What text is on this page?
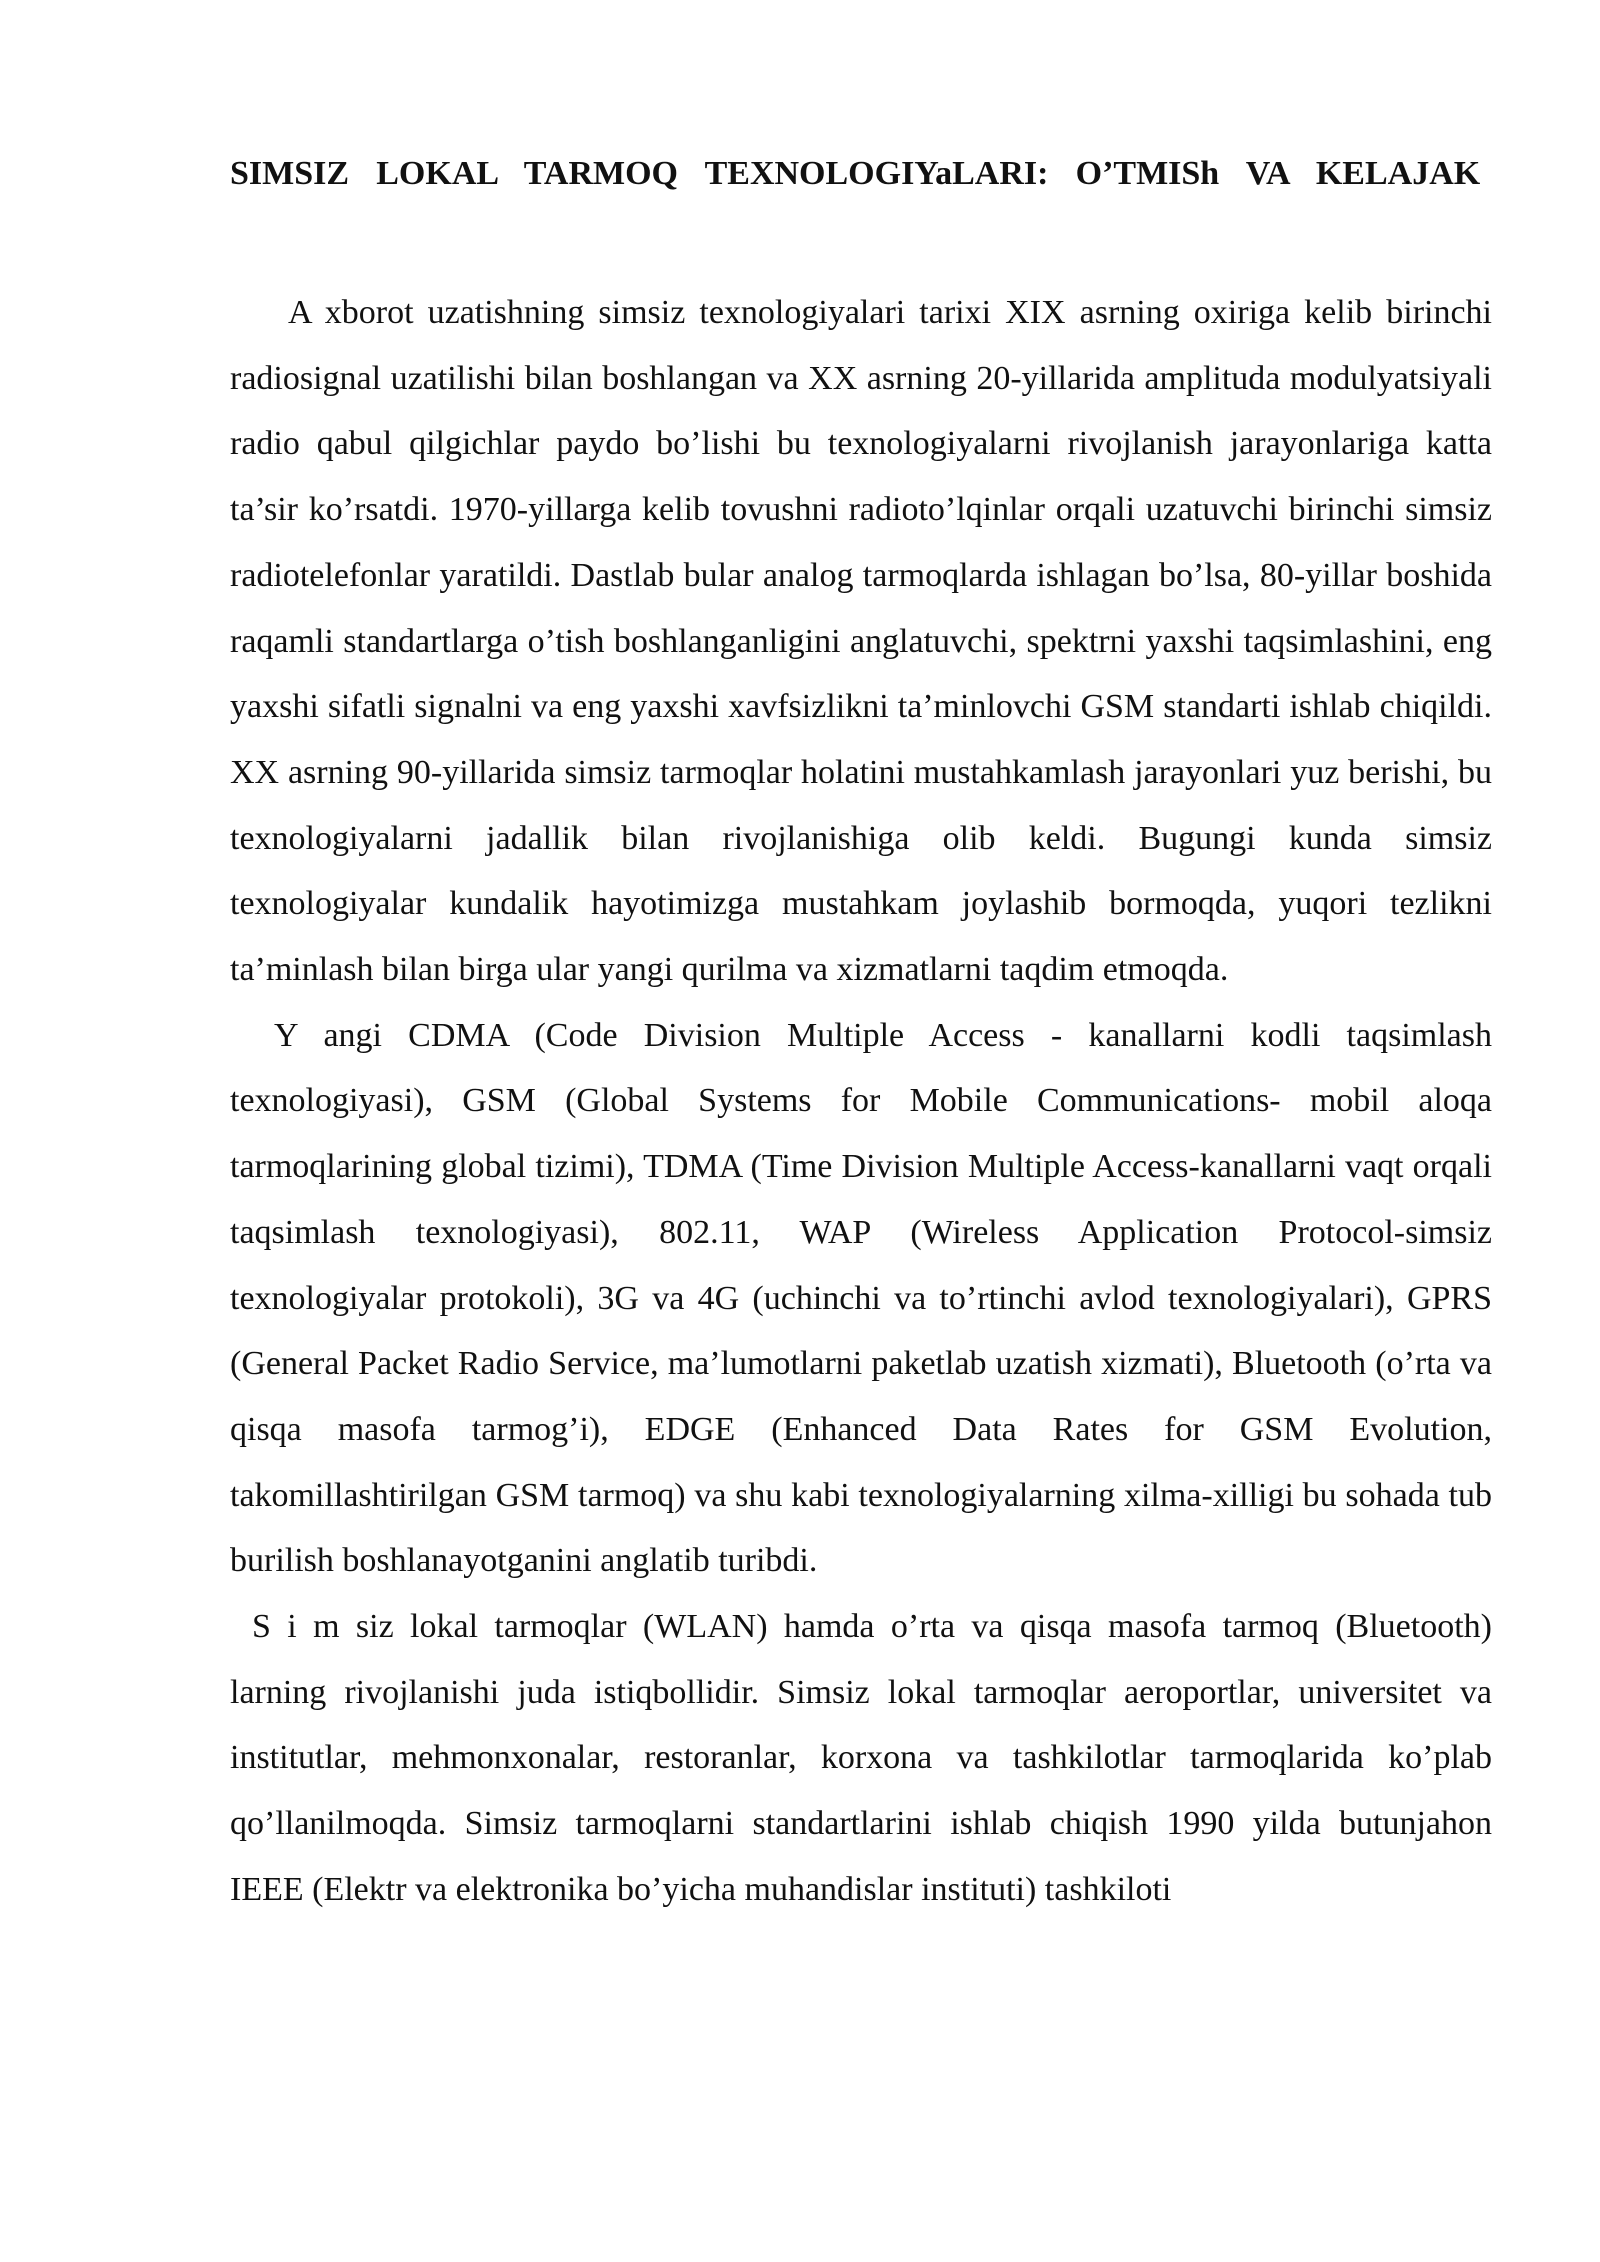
SIMSIZ LOKAL TARMOQ TEXNOLOGIYaLARI: O’TMISh VA KELAJAK

A xborot uzatishning simsiz texnologiyalari tarixi XIX asrning oxiriga kelib birinchi radiosignal uzatilishi bilan boshlangan va XX asrning 20-yillarida amplituda modulyatsiyali radio qabul qilgichlar paydo bo’lishi bu texnologiyalarni rivojlanish jarayonlariga katta ta’sir ko’rsatdi. 1970-yillarga kelib tovushni radioto’lqinlar orqali uzatuvchi birinchi simsiz radiotelefonlar yaratildi. Dastlab bular analog tarmoqlarda ishlagan bo’lsa, 80-yillar boshida raqamli standartlarga o’tish boshlanganligini anglatuvchi, spektrni yaxshi taqsimlashini, eng yaxshi sifatli signalni va eng yaxshi xavfsizlikni ta’minlovchi GSM standarti ishlab chiqildi. XX asrning 90-yillarida simsiz tarmoqlar holatini mustahkamlash jarayonlari yuz berishi, bu texnologiyalarni jadallik bilan rivojlanishiga olib keldi. Bugungi kunda simsiz texnologiyalar kundalik hayotimizga mustahkam joylashib bormoqda, yuqori tezlikni ta’minlash bilan birga ular yangi qurilma va xizmatlarni taqdim etmoqda.

Y angi CDMA (Code Division Multiple Access - kanallarni kodli taqsimlash texnologiyasi), GSM (Global Systems for Mobile Communications- mobil aloqa tarmoqlarining global tizimi), TDMA (Time Division Multiple Access-kanallarni vaqt orqali taqsimlash texnologiyasi), 802.11, WAP (Wireless Application Protocol-simsiz texnologiyalar protokoli), 3G va 4G (uchinchi va to’rtinchi avlod texnologiyalari), GPRS (General Packet Radio Service, ma’lumotlarni paketlab uzatish xizmati), Bluetooth (o’rta va qisqa masofa tarmog’i), EDGE (Enhanced Data Rates for GSM Evolution, takomillashtirilgan GSM tarmoq) va shu kabi texnologiyalarning xilma-xilligi bu sohada tub burilish boshlanayotganini anglatib turibdi.

S i m siz lokal tarmoqlar (WLAN) hamda o’rta va qisqa masofa tarmoq (Bluetooth) larning rivojlanishi juda istiqbollidir. Simsiz lokal tarmoqlar aeroportlar, universitet va institutlar, mehmonxonalar, restoranlar, korxona va tashkilotlar tarmoqlarida ko’plab qo’llanilmoqda. Simsiz tarmoqlarni standartlarini ishlab chiqish 1990 yilda butunjahon IEEE (Elektr va elektronika bo’yicha muhandislar instituti) tashkiloti
